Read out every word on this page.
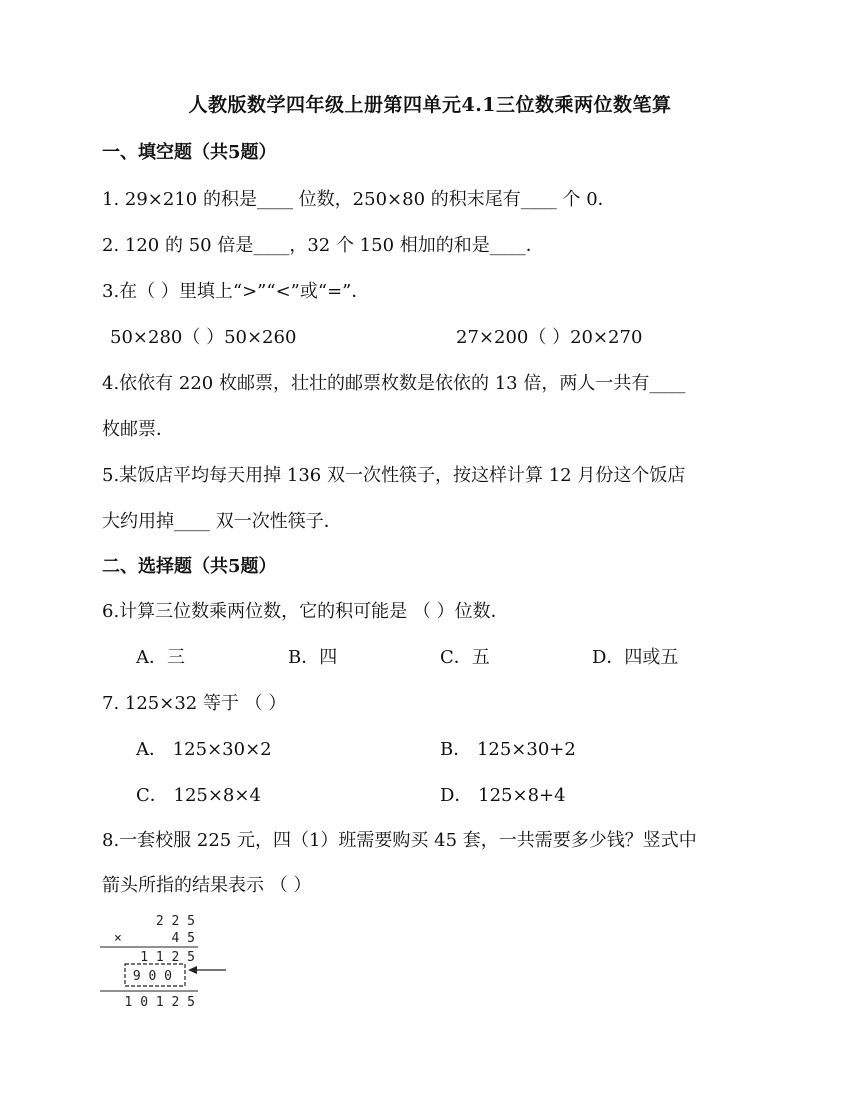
人教版数学四年级上册第四单元4.1三位数乘两位数笔算
一、填空题（共5题）
1. 29×210 的积是____ 位数，250×80 的积末尾有____ 个 0．
2. 120 的 50 倍是____，32 个 150 相加的和是____．
3.在（ ）里填上“>”“<”或“=”．
50×280（ ）50×260	27×200（ ）20×270
4.依依有 220 枚邮票，壮壮的邮票枚数是依依的 13 倍，两人一共有____
枚邮票．
5.某饭店平均每天用掉 136 双一次性筷子，按这样计算 12 月份这个饭店
大约用掉____ 双一次性筷子．
二、选择题（共5题）
6.计算三位数乘两位数，它的积可能是 （ ）位数．
A．三	B．四	C．五	D．四或五
7. 125×32 等于 （ ）
A． 125×30×2	B． 125×30+2
C． 125×8×4	D． 125×8+4
8.一套校服 225 元，四（1）班需要购买 45 套，一共需要多少钱？竖式中
箭头所指的结果表示 （ ）
2 2 5
×	4 5
1 1 2 5
9 0 0
1 0 1 2 5
